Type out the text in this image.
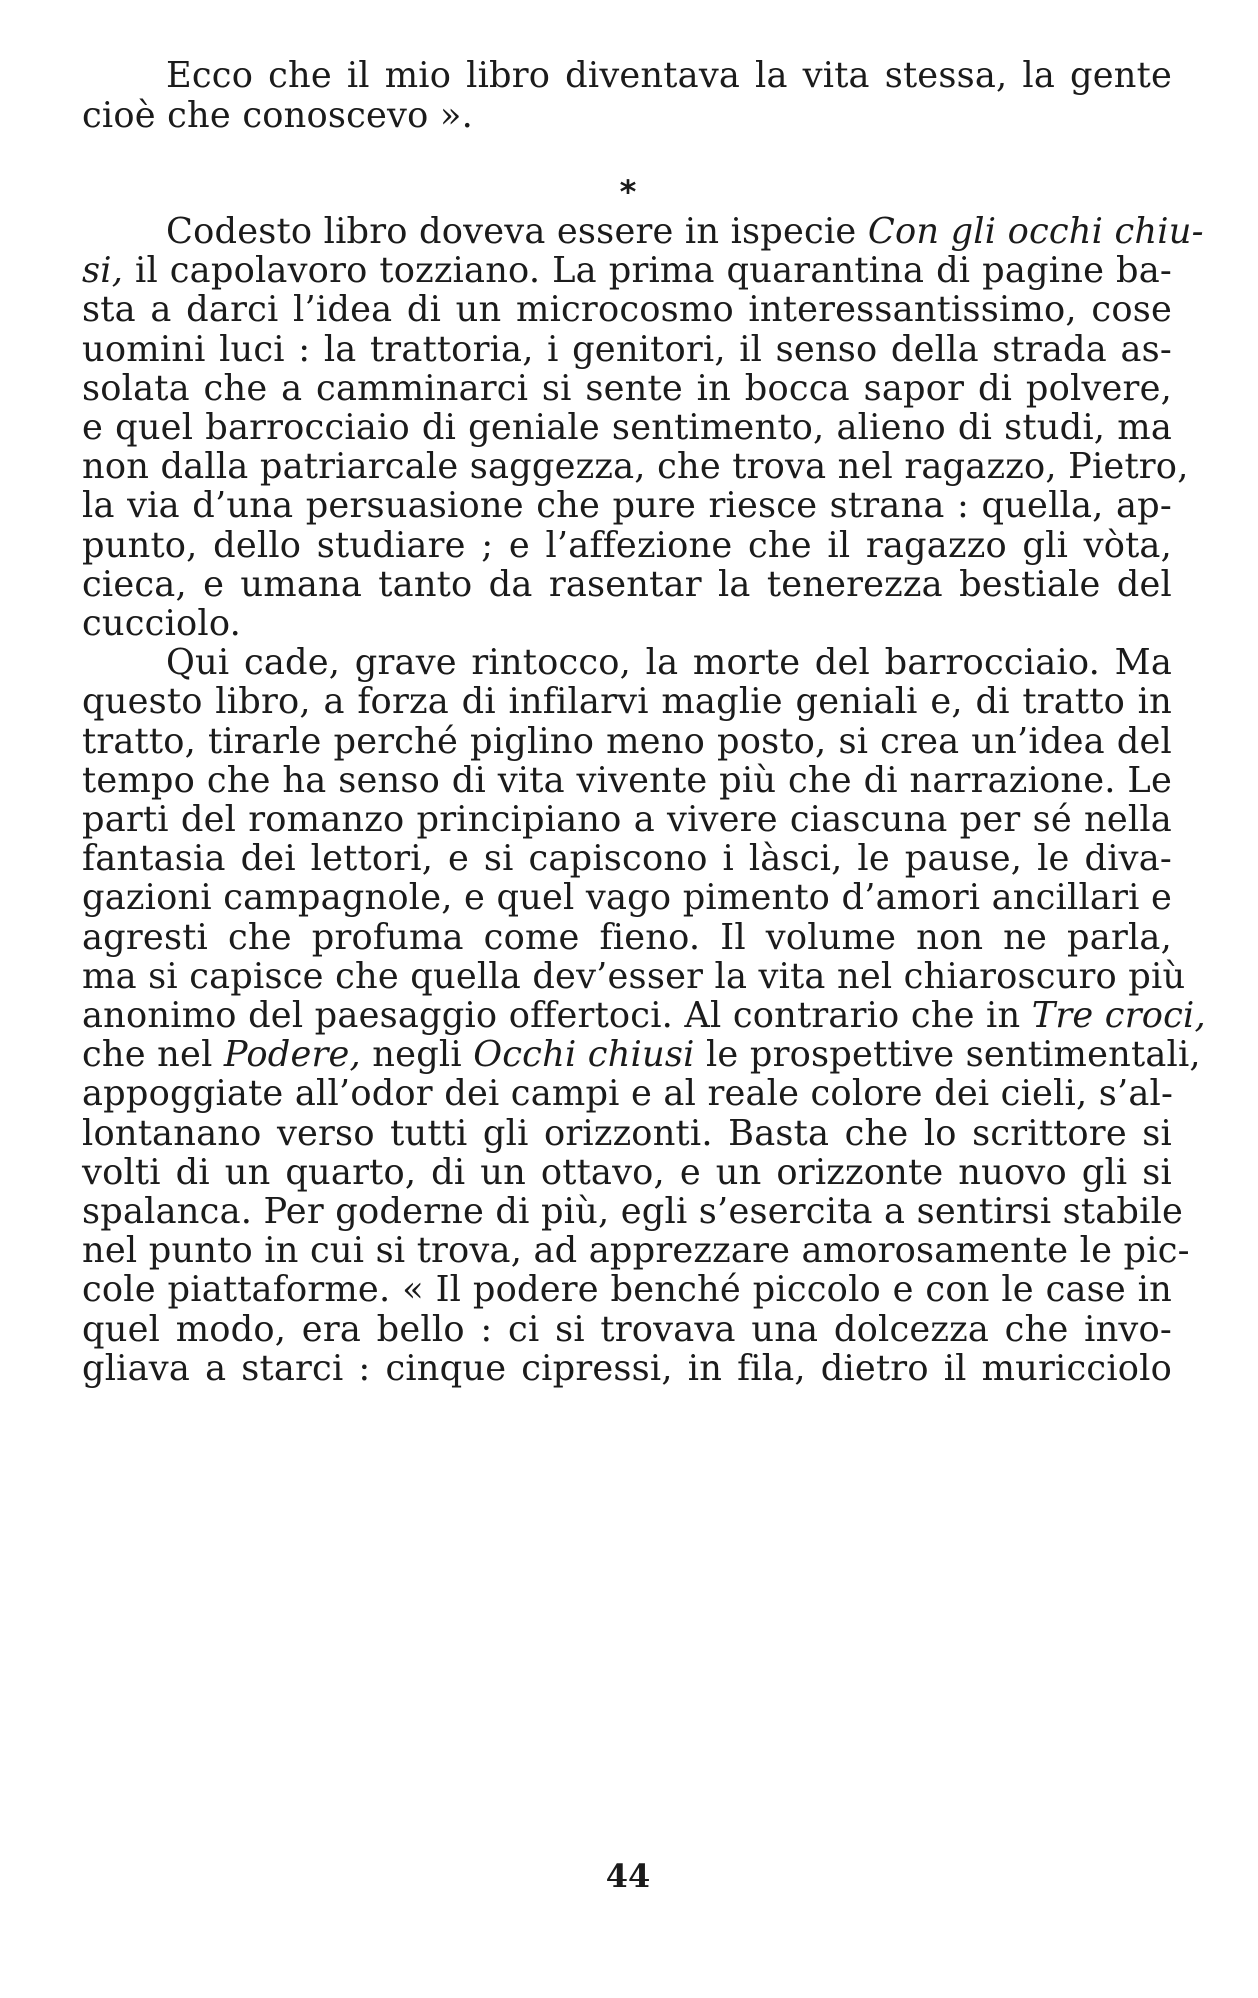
Ecco che il mio libro diventava la vita stessa, la gente
cioè che conoscevo ».
*
Codesto libro doveva essere in ispecie Con gli occhi chiu-
si, il capolavoro tozziano. La prima quarantina di pagine ba-
sta a darci l’idea di un microcosmo interessantissimo, cose
uomini luci : la trattoria, i genitori, il senso della strada as-
solata che a camminarci si sente in bocca sapor di polvere,
e quel barrocciaio di geniale sentimento, alieno di studi, ma
non dalla patriarcale saggezza, che trova nel ragazzo, Pietro,
la via d’una persuasione che pure riesce strana : quella, ap-
punto, dello studiare ; e l’affezione che il ragazzo gli vòta,
cieca, e umana tanto da rasentar la tenerezza bestiale del
cucciolo.
Qui cade, grave rintocco, la morte del barrocciaio. Ma
questo libro, a forza di infilarvi maglie geniali e, di tratto in
tratto, tirarle perché piglino meno posto, si crea un’idea del
tempo che ha senso di vita vivente più che di narrazione. Le
parti del romanzo principiano a vivere ciascuna per sé nella
fantasia dei lettori, e si capiscono i làsci, le pause, le diva-
gazioni campagnole, e quel vago pimento d’amori ancillari e
agresti che profuma come fieno. Il volume non ne parla,
ma si capisce che quella dev’esser la vita nel chiaroscuro più
anonimo del paesaggio offertoci. Al contrario che in Tre croci,
che nel Podere, negli Occhi chiusi le prospettive sentimentali,
appoggiate all’odor dei campi e al reale colore dei cieli, s’al-
lontanano verso tutti gli orizzonti. Basta che lo scrittore si
volti di un quarto, di un ottavo, e un orizzonte nuovo gli si
spalanca. Per goderne di più, egli s’esercita a sentirsi stabile
nel punto in cui si trova, ad apprezzare amorosamente le pic-
cole piattaforme. « Il podere benché piccolo e con le case in
quel modo, era bello : ci si trovava una dolcezza che invo-
gliava a starci : cinque cipressi, in fila, dietro il muricciolo
44
